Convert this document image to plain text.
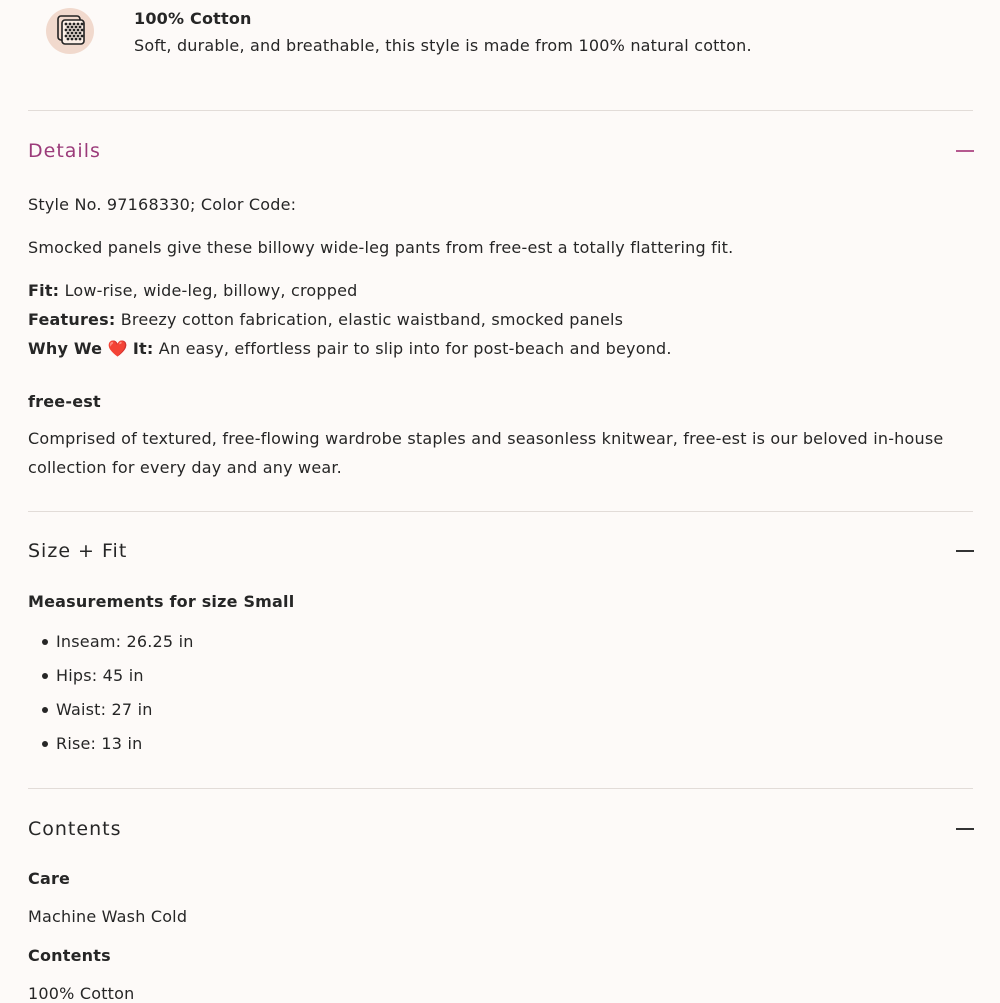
100% Cotton
Soft, durable, and breathable, this style is made from 100% natural cotton.
Details
Style No. 97168330; Color Code:
Smocked panels give these billowy wide-leg pants from free-est a totally flattering fit.
Fit: Low-rise, wide-leg, billowy, cropped
Features: Breezy cotton fabrication, elastic waistband, smocked panels
Why We ❤️ It: An easy, effortless pair to slip into for post-beach and beyond.
free-est
Comprised of textured, free-flowing wardrobe staples and seasonless knitwear, free-est is our beloved in-house collection for every day and any wear.
Size + Fit
Measurements for size Small
Inseam: 26.25 in
Hips: 45 in
Waist: 27 in
Rise: 13 in
Contents
Care
Machine Wash Cold
Contents
100% Cotton
